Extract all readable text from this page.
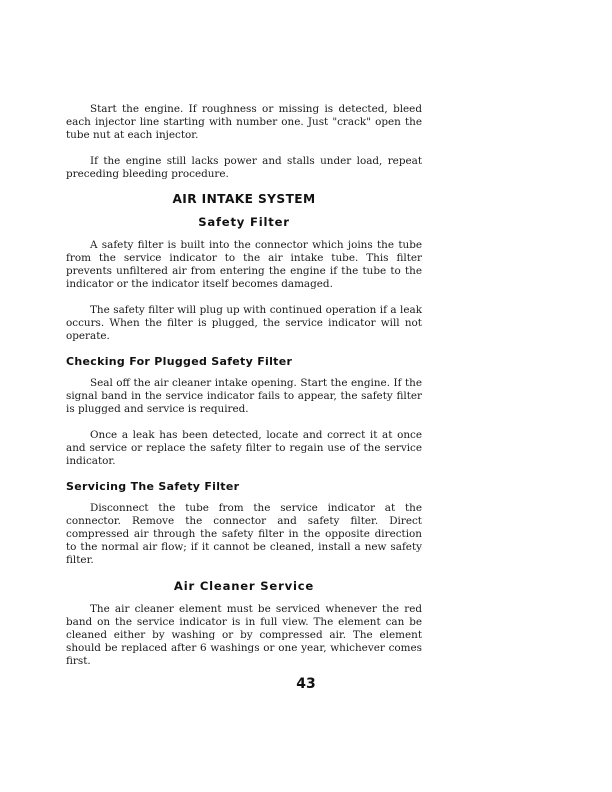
Start the engine. If roughness or missing is detected, bleed each injector line starting with number one. Just "crack" open the tube nut at each injector.

If the engine still lacks power and stalls under load, repeat preceding bleeding procedure.

AIR INTAKE SYSTEM
Safety Filter

A safety filter is built into the connector which joins the tube from the service indicator to the air intake tube. This filter prevents unfiltered air from entering the engine if the tube to the indicator or the indicator itself becomes damaged.

The safety filter will plug up with continued operation if a leak occurs. When the filter is plugged, the service indicator will not operate.

Checking For Plugged Safety Filter

Seal off the air cleaner intake opening. Start the engine. If the signal band in the service indicator fails to appear, the safety filter is plugged and service is required.

Once a leak has been detected, locate and correct it at once and service or replace the safety filter to regain use of the service indicator.

Servicing The Safety Filter

Disconnect the tube from the service indicator at the connector. Remove the connector and safety filter. Direct compressed air through the safety filter in the opposite direction to the normal air flow; if it cannot be cleaned, install a new safety filter.

Air Cleaner Service

The air cleaner element must be serviced whenever the red band on the service indicator is in full view. The element can be cleaned either by washing or by compressed air. The element should be replaced after 6 washings or one year, whichever comes first.

43
